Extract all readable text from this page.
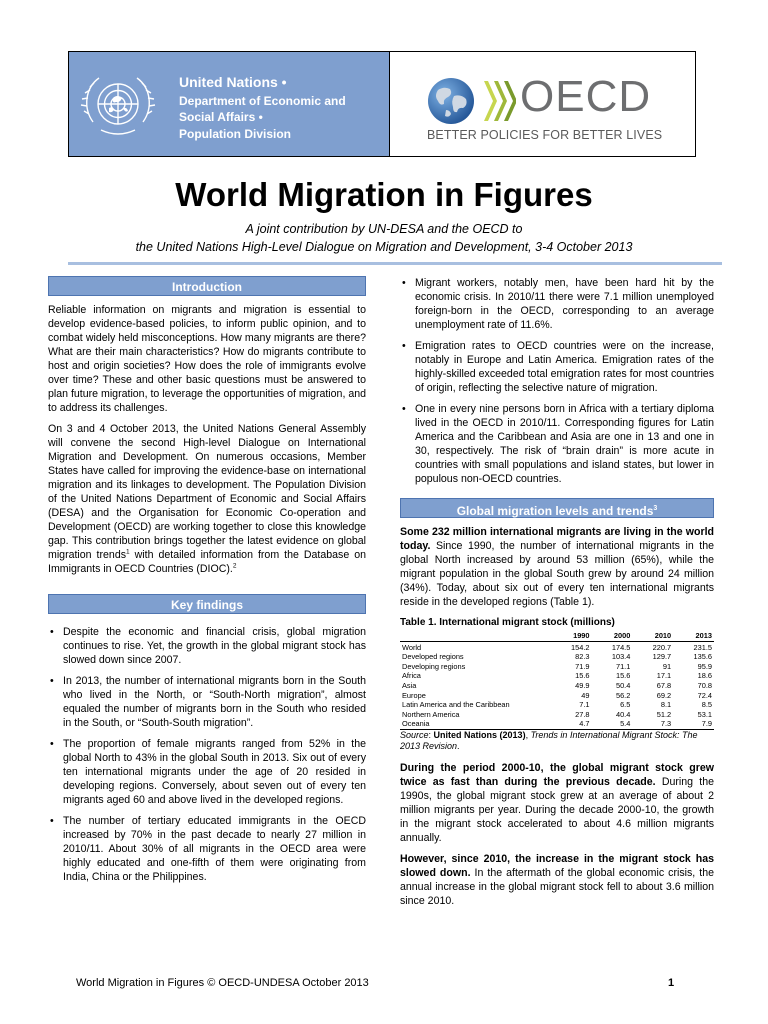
United Nations •
Department of Economic and
Social Affairs •
Population Division
OECD
BETTER POLICIES FOR BETTER LIVES
World Migration in Figures
A joint contribution by UN-DESA and the OECD to
the United Nations High-Level Dialogue on Migration and Development, 3-4 October 2013
Introduction

Reliable information on migrants and migration is essential to develop evidence-based policies, to inform public opinion, and to combat widely held misconceptions. How many migrants are there? What are their main characteristics? How do migrants contribute to host and origin societies? How does the role of immigrants evolve over time? These and other basic questions must be answered to plan future migration, to leverage the opportunities of migration, and to address its challenges.

On 3 and 4 October 2013, the United Nations General Assembly will convene the second High-level Dialogue on International Migration and Development. On numerous occasions, Member States have called for improving the evidence-base on international migration and its linkages to development. The Population Division of the United Nations Department of Economic and Social Affairs (DESA) and the Organisation for Economic Co-operation and Development (OECD) are working together to close this knowledge gap. This contribution brings together the latest evidence on global migration trends$^1$ with detailed information from the Database on Immigrants in OECD Countries (DIOC).$^2$

Key findings
• Despite the economic and financial crisis, global migration continues to rise. Yet, the growth in the global migrant stock has slowed down since 2007.
• In 2013, the number of international migrants born in the South who lived in the North, or “South-North migration”, almost equaled the number of migrants born in the South who resided in the South, or “South-South migration”.
• The proportion of female migrants ranged from 52% in the global North to 43% in the global South in 2013. Six out of every ten international migrants under the age of 20 resided in developing regions. Conversely, about seven out of every ten migrants aged 60 and above lived in the developed regions.
• The number of tertiary educated immigrants in the OECD increased by 70% in the past decade to nearly 27 million in 2010/11. About 30% of all migrants in the OECD area were highly educated and one-fifth of them were originating from India, China or the Philippines.
• Migrant workers, notably men, have been hard hit by the economic crisis. In 2010/11 there were 7.1 million unemployed foreign-born in the OECD, corresponding to an average unemployment rate of 11.6%.
• Emigration rates to OECD countries were on the increase, notably in Europe and Latin America. Emigration rates of the highly-skilled exceeded total emigration rates for most countries of origin, reflecting the selective nature of migration.
• One in every nine persons born in Africa with a tertiary diploma lived in the OECD in 2010/11. Corresponding figures for Latin America and the Caribbean and Asia are one in 13 and one in 30, respectively. The risk of “brain drain” is more acute in countries with small populations and island states, but lower in populous non-OECD countries.
Global migration levels and trends$^3$

Some 232 million international migrants are living in the world today. Since 1990, the number of international migrants in the global North increased by around 53 million (65%), while the migrant population in the global South grew by around 24 million (34%). Today, about six out of every ten international migrants reside in the developed regions (Table 1).

Table 1. International migrant stock (millions)
	1990	2000	2010	2013
World	154.2	174.5	220.7	231.5
Developed regions	82.3	103.4	129.7	135.6
Developing regions	71.9	71.1	91	95.9
Africa	15.6	15.6	17.1	18.6
Asia	49.9	50.4	67.8	70.8
Europe	49	56.2	69.2	72.4
Latin America and the Caribbean	7.1	6.5	8.1	8.5
Northern America	27.8	40.4	51.2	53.1
Oceania	4.7	5.4	7.3	7.9
Source: United Nations (2013), Trends in International Migrant Stock: The 2013 Revision.

During the period 2000-10, the global migrant stock grew twice as fast than during the previous decade. During the 1990s, the global migrant stock grew at an average of about 2 million migrants per year. During the decade 2000-10, the growth in the migrant stock accelerated to about 4.6 million migrants annually.

However, since 2010, the increase in the migrant stock has slowed down. In the aftermath of the global economic crisis, the annual increase in the global migrant stock fell to about 3.6 million since 2010.

World Migration in Figures © OECD-UNDESA October 2013	1
